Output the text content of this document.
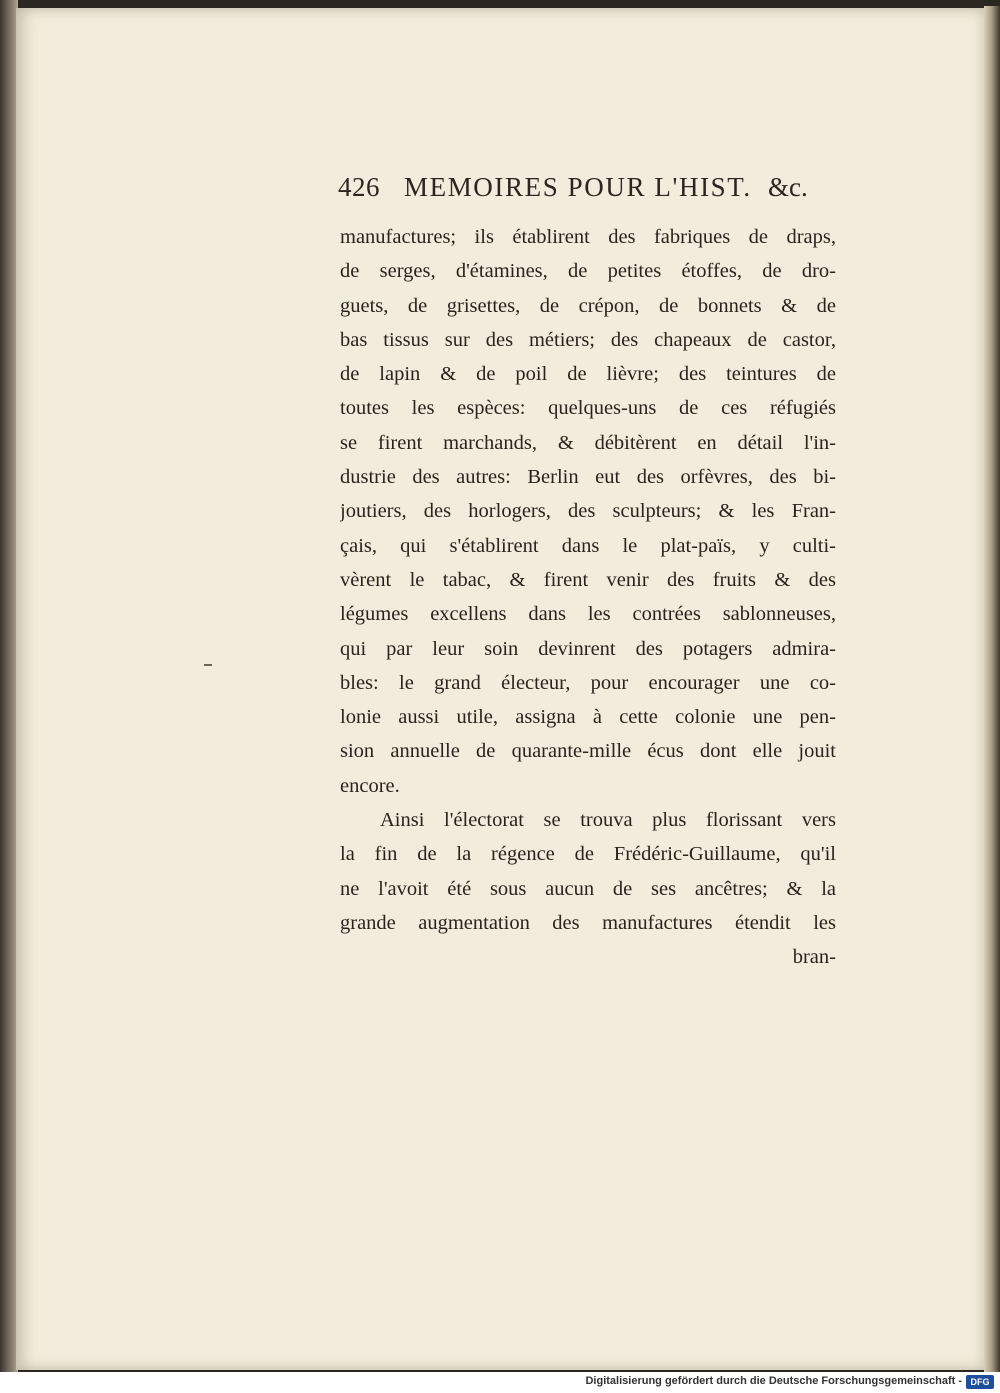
426 MEMOIRES POUR L'HIST. &c.
manufactures; ils établirent des fabriques de draps,
de serges, d'étamines, de petites étoffes, de dro-
guets, de grisettes, de crépon, de bonnets & de
bas tissus sur des métiers; des chapeaux de castor,
de lapin & de poil de lièvre; des teintures de
toutes les espèces: quelques-uns de ces réfugiés
se firent marchands, & débitèrent en détail l'in-
dustrie des autres: Berlin eut des orfèvres, des bi-
joutiers, des horlogers, des sculpteurs; & les Fran-
çais, qui s'établirent dans le plat-païs, y culti-
vèrent le tabac, & firent venir des fruits & des
légumes excellens dans les contrées sablonneuses,
qui par leur soin devinrent des potagers admira-
bles: le grand électeur, pour encourager une co-
lonie aussi utile, assigna à cette colonie une pen-
sion annuelle de quarante-mille écus dont elle jouit
encore.
Ainsi l'électorat se trouva plus florissant vers
la fin de la régence de Frédéric-Guillaume, qu'il
ne l'avoit été sous aucun de ses ancêtres; & la
grande augmentation des manufactures étendit les
bran-
Digitalisierung gefördert durch die Deutsche Forschungsgemeinschaft - DFG
